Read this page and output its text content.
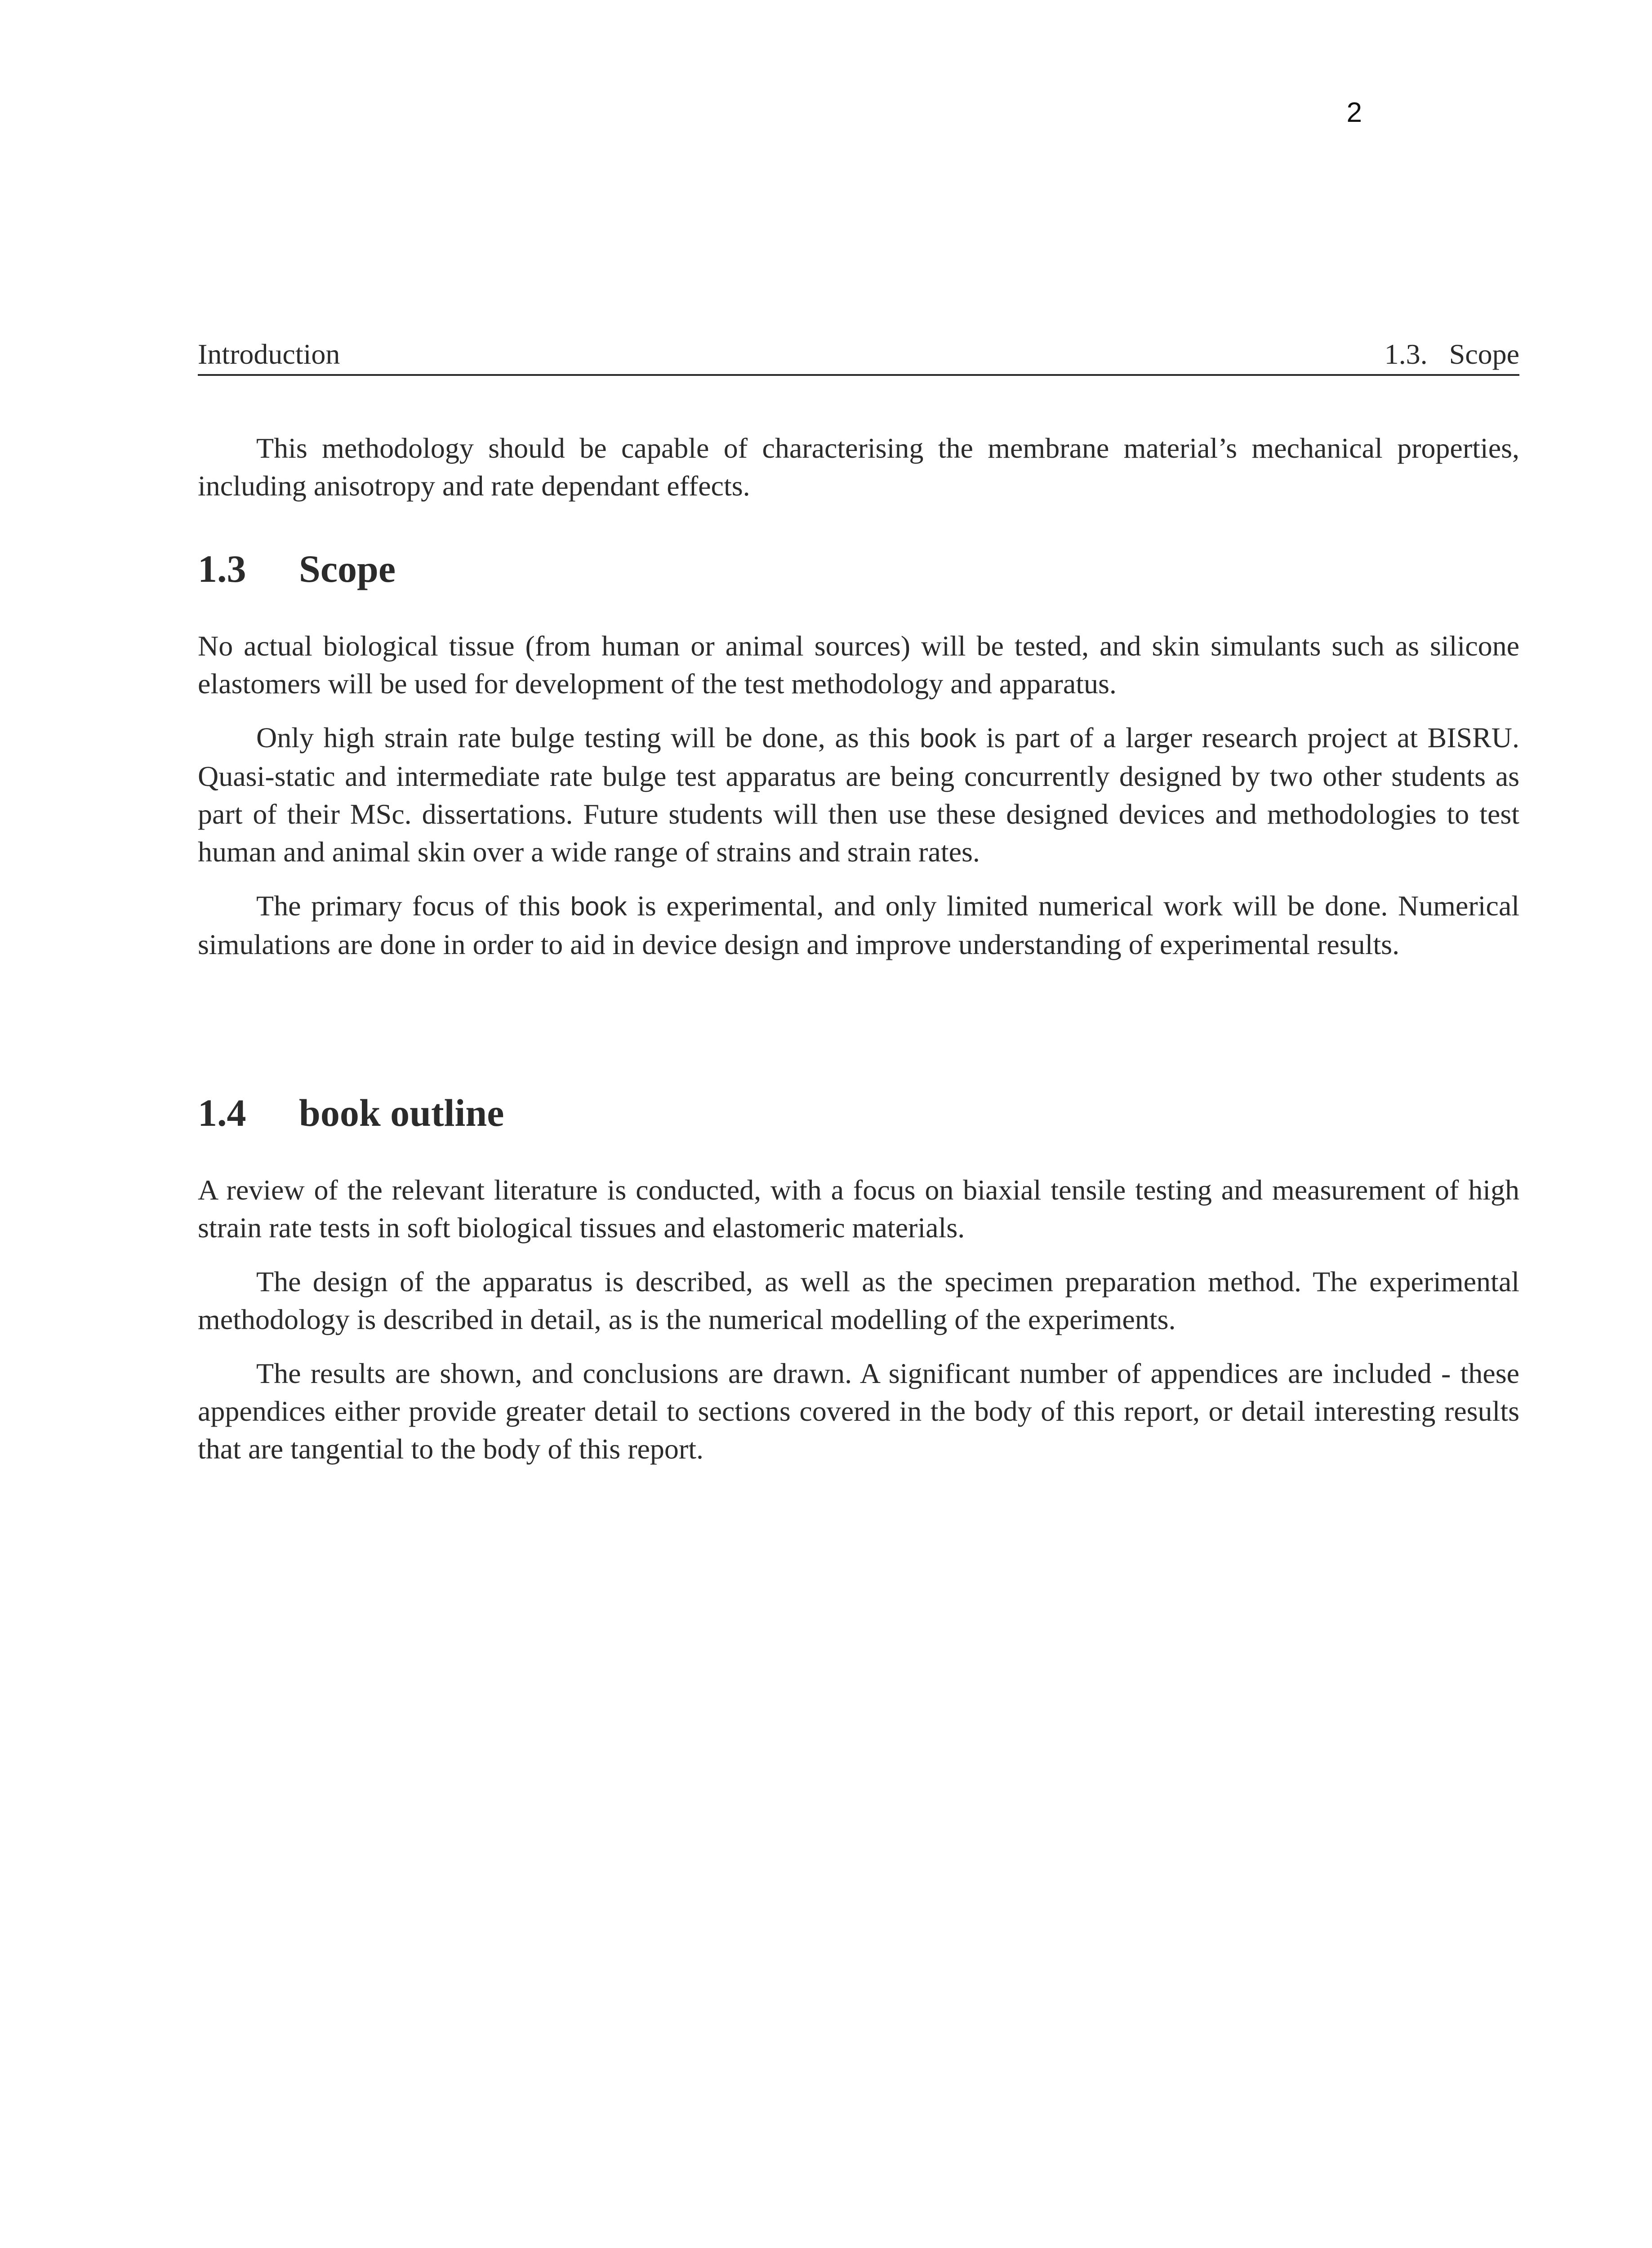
2
Introduction	1.3.   Scope

This methodology should be capable of characterising the membrane material’s mechanical properties, including anisotropy and rate dependant effects.

1.3	Scope

No actual biological tissue (from human or animal sources) will be tested, and skin simulants such as silicone elastomers will be used for development of the test methodology and apparatus.

Only high strain rate bulge testing will be done, as this book is part of a larger research project at BISRU. Quasi-static and intermediate rate bulge test apparatus are being concurrently designed by two other students as part of their MSc. dissertations. Future students will then use these designed devices and methodologies to test human and animal skin over a wide range of strains and strain rates.

The primary focus of this book is experimental, and only limited numerical work will be done. Numerical simulations are done in order to aid in device design and improve understanding of experimental results.

1.4	book outline

A review of the relevant literature is conducted, with a focus on biaxial tensile testing and measurement of high strain rate tests in soft biological tissues and elastomeric materials.

The design of the apparatus is described, as well as the specimen preparation method. The experimental methodology is described in detail, as is the numerical modelling of the experiments.

The results are shown, and conclusions are drawn. A significant number of appendices are included - these appendices either provide greater detail to sections covered in the body of this report, or detail interesting results that are tangential to the body of this report.
